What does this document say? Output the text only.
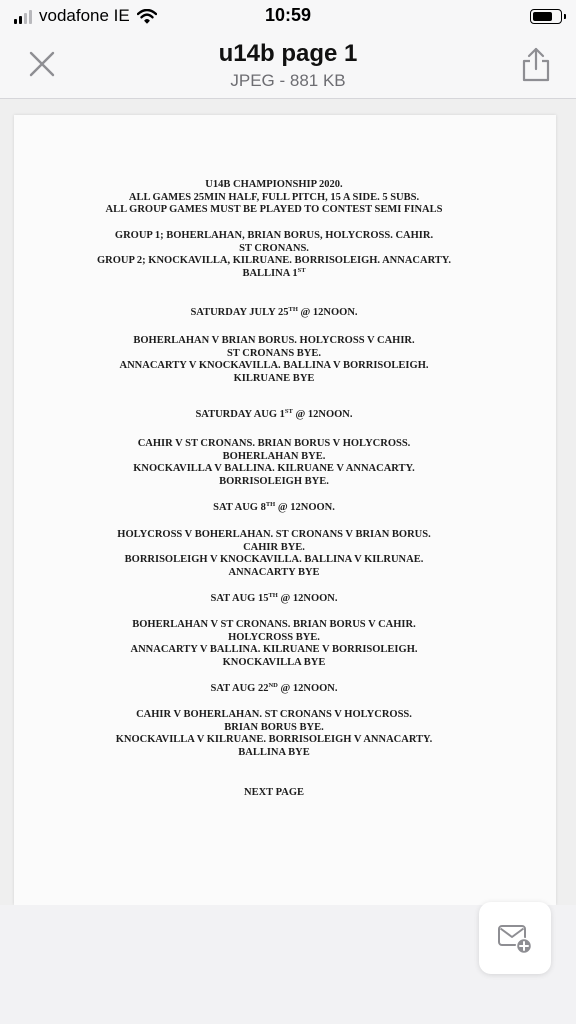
vodafone IE	10:59
u14b page 1
JPEG - 881 KB
U14B CHAMPIONSHIP 2020.
ALL GAMES 25MIN HALF, FULL PITCH, 15 A SIDE. 5 SUBS.
ALL GROUP GAMES MUST BE PLAYED TO CONTEST SEMI FINALS
GROUP 1; BOHERLAHAN, BRIAN BORUS, HOLYCROSS. CAHIR.
ST CRONANS.
GROUP 2; KNOCKAVILLA, KILRUANE. BORRISOLEIGH. ANNACARTY.
BALLINA 1ST
SATURDAY JULY 25TH @ 12NOON.
BOHERLAHAN V BRIAN BORUS. HOLYCROSS V CAHIR.
ST CRONANS BYE.
ANNACARTY V KNOCKAVILLA. BALLINA V BORRISOLEIGH.
KILRUANE BYE
SATURDAY AUG 1ST @ 12NOON.
CAHIR V ST CRONANS. BRIAN BORUS V HOLYCROSS.
BOHERLAHAN BYE.
KNOCKAVILLA V BALLINA. KILRUANE V ANNACARTY.
BORRISOLEIGH BYE.
SAT AUG 8TH @ 12NOON.
HOLYCROSS V BOHERLAHAN. ST CRONANS V BRIAN BORUS.
CAHIR BYE.
BORRISOLEIGH V KNOCKAVILLA. BALLINA V KILRUNAE.
ANNACARTY BYE
SAT AUG 15TH @ 12NOON.
BOHERLAHAN V ST CRONANS. BRIAN BORUS V CAHIR.
HOLYCROSS BYE.
ANNACARTY V BALLINA. KILRUANE V BORRISOLEIGH.
KNOCKAVILLA BYE
SAT AUG 22ND @ 12NOON.
CAHIR V BOHERLAHAN. ST CRONANS V HOLYCROSS.
BRIAN BORUS BYE.
KNOCKAVILLA V KILRUANE. BORRISOLEIGH V ANNACARTY.
BALLINA BYE
NEXT PAGE
